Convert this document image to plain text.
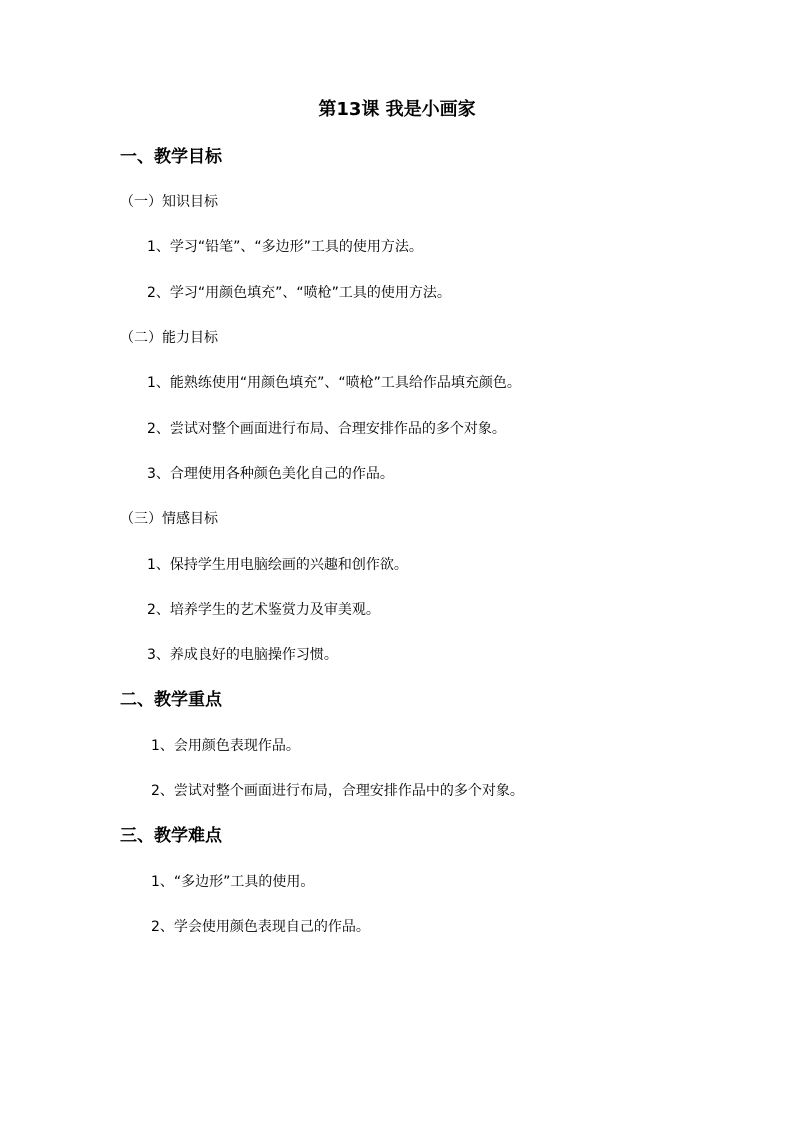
第13课 我是小画家
一、教学目标
（一）知识目标
1、学习“铅笔”、“多边形”工具的使用方法。
2、学习“用颜色填充”、“喷枪”工具的使用方法。
（二）能力目标
1、能熟练使用“用颜色填充”、“喷枪”工具给作品填充颜色。
2、尝试对整个画面进行布局、合理安排作品的多个对象。
3、合理使用各种颜色美化自己的作品。
（三）情感目标
1、保持学生用电脑绘画的兴趣和创作欲。
2、培养学生的艺术鉴赏力及审美观。
3、养成良好的电脑操作习惯。
二、教学重点
1、会用颜色表现作品。
2、尝试对整个画面进行布局，合理安排作品中的多个对象。
三、教学难点
1、“多边形”工具的使用。
2、学会使用颜色表现自己的作品。
